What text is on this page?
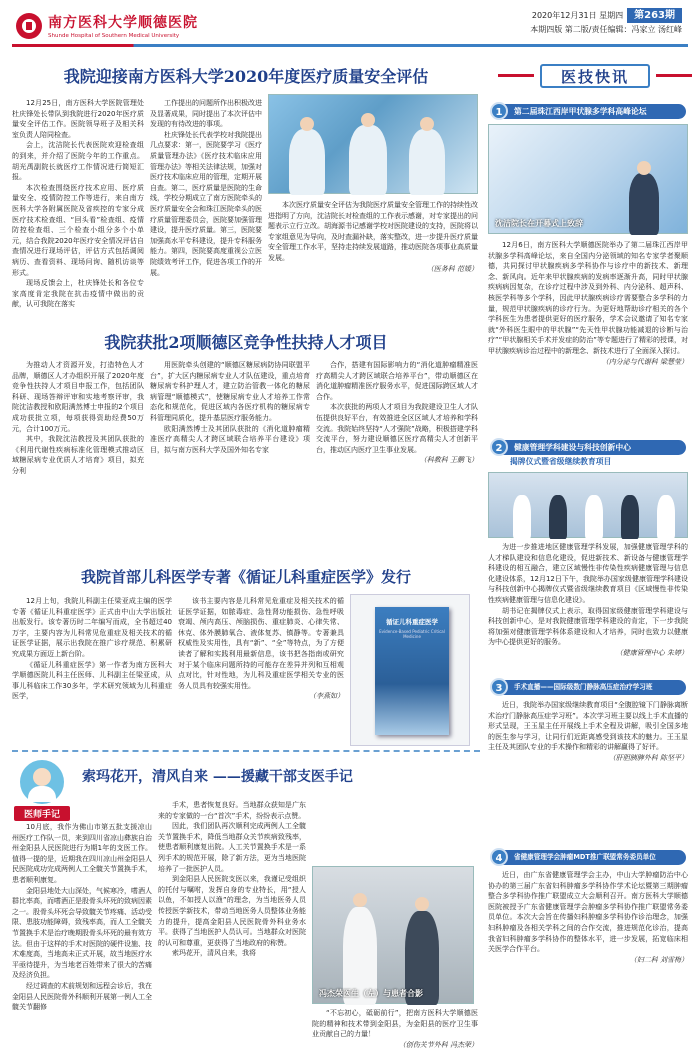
南方医科大学顺德医院
Shunde Hospital of Southern Medical University
2020年12月31日 星期四 第263期
本期四版 第二版/责任编辑：冯家立 汤红峰
我院迎接南方医科大学2020年度医疗质量安全评估

12月25日，南方医科大学医院管理处杜庆锋处长带队到我院进行2020年医疗质量安全评估工作。医院领导班子及相关科室负责人陪同检查。

会上，沈洁院长代表医院欢迎检查组的到来，并介绍了医院今年的工作重点。胡光禹副院长就医疗工作情况进行简短汇报。

本次检查围绕医疗技术应用、医疗质量安全、疫情防控工作等进行，来自南方医科大学各附属医院及省疾控的专家分成医疗技术检查组、“回头看”检查组、疫情防控检查组、三个检查小组分多个小单元，结合我院2020年医疗安全情况评估自查情况进行现场评估，评估方式包括调阅病历、查看资料、现场问询、随机访谈等形式。

现场反馈会上，杜庆锋处长和各位专家高度肯定我院在抗击疫情中做出的贡献，认可我院在落实

工作提出的问题所作出积极改进及显著成果，同时提出了本次评估中发现的有待改进的事项。

杜庆锋处长代表学校对我院提出几点要求：第一，医院要学习《医疗质量管理办法》《医疗技术临床应用管理办法》等相关法律法规，加强对医疗技术临床应用的管理，定期开展自查。第二，医疗质量是医院的生命线，学校分期成立了南方医院牵头的医疗质量安全会和珠江医院牵头的医疗质量管理委员会，医院要加强管理建设，提升医疗质量。第三，医院要加强高水平专科建设，提升专科服务能力。第四，医院要高度重视公立医院绩效考评工作，促进各项工作的开展。

本次医疗质量安全评估为我院医疗质量安全管理工作的持续性改进指明了方向，沈洁院长对检查组的工作表示感谢，对专家提出的问题表示立行立改。胡海源书记感谢学校对医院建设的支持，医院将以专家组意见为导向，及时查漏补缺，落实整改，进一步提升医疗质量安全管理工作水平，坚持走持续发展道路，推动医院各项事业高质量发展。

（医务科 范媛）
我院获批2项顺德区竞争性扶持人才项目

为推动人才资源开发，打造特色人才品牌，顺德区人才办组织开展了2020年度竞争性扶持人才项目申报工作，包括团队科研、现场答辩评审和实地考察评审，我院沈洁教授和欧阳满然博士申报的2个项目成功获批立项，每项获得资助经费50万元，合计100万元。

其中，我院沈洁教授及其团队获批的《利用代谢性疾病标准化管理模式推动区域糖尿病专业优质人才培育》项目，拟充分利

用医院牵头创建的“顺德区糖尿病防协同联盟平台”，扩大区内糖尿病专业人才队伍建设，重点培育糖尿病专科护理人才，建立防治管教一体化的糖尿病管理“顺德模式”，使糖尿病专业人才培养工作常态化和规范化，促进区域内各医疗机构的糖尿病专科管理同质化，提升基层医疗服务能力。

欧阳满然博士及其团队获批的《消化道肿瘤精准医疗高精尖人才跨区域联合培养平台建设》项目，拟与南方医科大学及国外知名专家

合作，搭建有国际影响力的“消化道肿瘤精准医疗高精尖人才跨区域联合培养平台”，带动顺德区在消化道肿瘤精准医疗服务水平，促进国际跨区域人才合作。

本次获批的两项人才项目为我院建设卫生人才队伍提供良好平台，有效推进全区区域人才培养和学科交流。我院始终坚持“人才强院”战略，积极搭建学科交流平台，努力建设顺德区医疗高精尖人才创新平台，推动区内医疗卫生事业发展。

（科教科 王鹏飞）
我院首部儿科医学专著《循证儿科重症医学》发行

12月上旬，我院儿科副主任梁亚成主编的医学专著《循证儿科重症医学》正式由中山大学出版社出版发行。该专著历时二年编写而成，全书超过40万字，主要内容为儿科常见危重症及相关技术的循证医学证据，展示出我院在推广诊疗规范、积累研究成果方面迈上新台阶。

《循证儿科重症医学》第一作者为南方医科大学顺德医院儿科主任医师、儿科副主任梁亚成，从事儿科临床工作30多年，学术研究领域为儿科重症医学，

该书主要内容是儿科常见危重症及相关技术的循证医学证据，如脓毒症、急性肾功能损伤、急性呼吸衰竭、颅内高压、颅脑损伤、重症肺炎、心律失常、休克、体外膜肺氧合、液体复苏、镇静等。专著兼具权威性及实用性，具有“新”、“全”等特点，为了方便读者了解和实践利用最新信息，该书把各指南或研究对于某个临床问题所持的可能存在差异并列和互相观点对比，针对性地，为儿科及重症医学相关专业的医务人员具有较强实用性。

（李燕如）
循证儿科重症医学
Evidence-Based Pediatric Critical Medicine
医师手记
索玛花开，清风自来 ——援藏干部支医手记

10月底，我作为佛山市第五批支援凉山州医疗工作队一员，来到四川省凉山彝族自治州金阳县人民医院进行为期1年的支医工作。值得一提的是，近期我在四川凉山州金阳县人民医院成功完成两例人工全髋关节置换手术，患者顺利康复。

金阳县地处大山深处，气候寒冷，嗜酒人群比率高，而嗜酒正是股骨头坏死的致病因素之一。股骨头坏死会导致髋关节疼痛、活动受限、患肢功能障碍，致残率高，而人工全髋关节置换手术是治疗晚期股骨头坏死的最有效方法。但由于这样的手术对医院的硬件设施、技术难度高，当地高未正式开展，故当地医疗水平亟待提升，为当地老百姓带来了很大的苦痛及经济负担。

经过调查的术前规划和远程会诊后，我在金阳县人民医院骨外科顺利开展第一例人工全髋关节翻修

手术，患者恢复良好。当地群众获知是广东来的专家做的一台“首次”手术，纷纷表示点赞。

因此，我们团队再次顺利完成两例人工全髋关节置换手术，降低当地群众关节疾病致残率，使患者顺利康复出院。人工关节置换手术是一系列手术的规范开展，除了新方法，更为当地医院培养了一批医护人员。

到金阳县人民医院支医以来，我谨记受组织的托付与嘱咐，发挥自身的专业特长，用“授人以鱼，不如授人以渔”的理念，为当地医务人员传授医学新技术，带动当地医务人员整体业务能力的提升，提高金阳县人民医院骨外科业务水平。获得了当地医护人员认可。当地群众对医院的认可和尊重，更获得了当地政府的称赞。

索玛花开，清风自来，我将

冯杰荣医生（左）与患者合影

“不忘初心，砥砺前行”，把南方医科大学顺德医院的精神和技术带到金阳县，为金阳县的医疗卫生事业贡献自己的力量！

（创伤关节外科 冯杰荣）
医技快讯
第二届珠江西岸甲状腺多学科高峰论坛
1
沈洁院长在开幕式上致辞

12月6日，南方医科大学顺德医院举办了第二届珠江西岸甲状腺多学科高峰论坛，来自全国内分泌领域的知名专家学者聚顺德，共同探讨甲状腺疾病多学科协作与诊疗中的新技术、新理念、新风向。近年来甲状腺疾病的发病率逐渐升高，同时甲状腺疾病病因复杂，在诊疗过程中涉及到外科、内分泌科、超声科、核医学科等多个学科，因此甲状腺疾病诊疗需要整合多学科的力量，规范甲状腺疾病的诊疗行为。为更好地帮助诊疗相关的各个学科医生为患者提供更好的医疗服务，学术会议邀请了知名专家就“外科医生眼中的甲状腺”“先天性甲状腺功能减退的诊断与治疗”“甲状腺相关手术并发症的防治”等专题进行了精彩的授课，对甲状腺疾病诊治过程中的新理念、新技术进行了全面深入探讨。

（内分泌与代谢科 梁慧莹）
健康管理学科建设与科技创新中心
2
揭牌仪式暨省级继续教育项目

为进一步推进地区健康管理学科发展，加强健康管理学科的人才梯队建设和信息化建设，促进新技术、新设备与健康管理学科建设的相互融合，建立区域慢性非传染性疾病健康管理与信息化建设体系，12月12日下午，我院举办国家级健康管理学科建设与科技创新中心揭牌仪式暨省级继续教育项目《区域慢性非传染性疾病健康管理与信息化建设》。

胡书记在揭牌仪式上表示，取得国家级健康管理学科建设与科技创新中心，是对我院健康管理学科建设的肯定，下一步我院将加强对健康管理学科体系建设和人才培养，同时也致力以健康为中心提供更好的服务。

（健康管理中心 朱婷）
手术直播——国际级数门静脉高压症治疗学习班
3

近日，我院举办国家级继续教育项目“全腹腔镜下门静脉离断术治疗门静脉高压症学习班”。本次学习班主要以线上手术直播的形式呈现，王玉星主任开展线上手术全程及讲解，吸引全国多地的医生参与学习，让同行们近距离感受到该技术的魅力。王玉星主任及其团队专业的手术操作和精彩的讲解赢得了好评。

（肝胆胰脾外科 陈坚平）
省健康管理学会肿瘤MDT推广联盟常务委员单位
4

近日，由广东省健康管理学会主办，中山大学肿瘤防治中心协办的第三届广东省妇科肿瘤多学科协作学术论坛暨第三期肿瘤整合多学科协作推广联盟成立大会顺利召开。南方医科大学顺德医院被授予广东省健康管理学会肿瘤多学科协作推广联盟常务委员单位。本次大会旨在传播妇科肿瘤多学科协作诊治理念，加强妇科肿瘤及各相关学科之间的合作交流，推进规范化诊治，提高我省妇科肿瘤多学科协作的整体水平，进一步发展，拓宽临床相关医学合作平台。

（妇二科 刘雪梅）
